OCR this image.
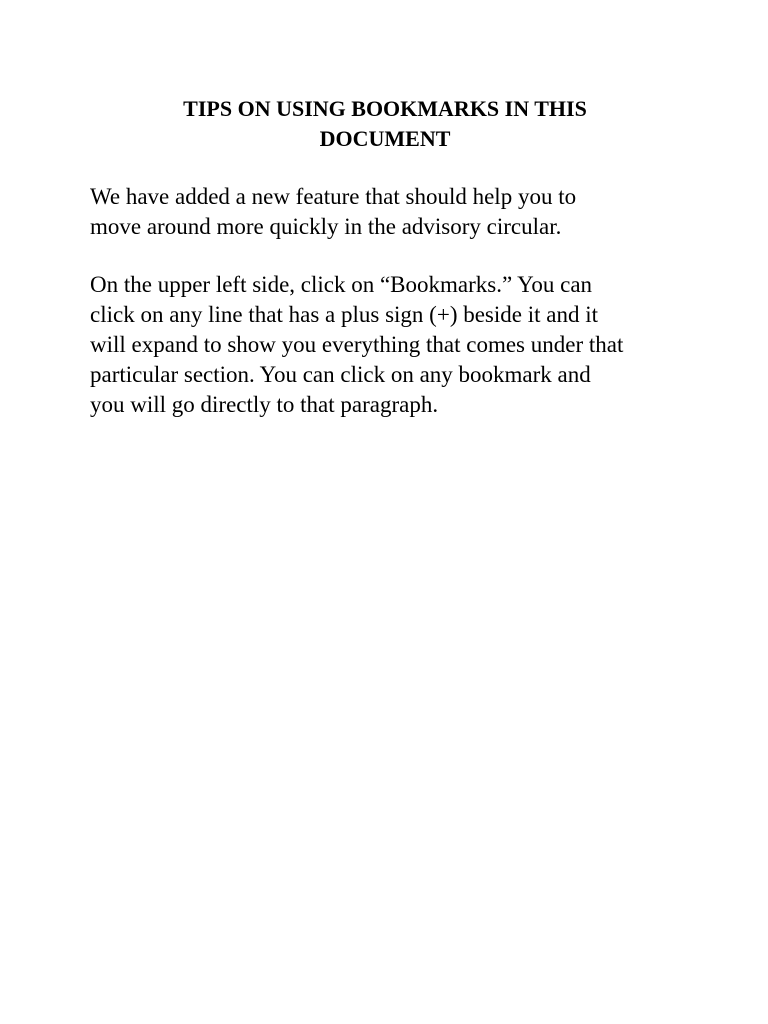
TIPS ON USING BOOKMARKS IN THIS
DOCUMENT

We have added a new feature that should help you to
move around more quickly in the advisory circular.

On the upper left side, click on “Bookmarks.” You can
click on any line that has a plus sign (+) beside it and it
will expand to show you everything that comes under that
particular section. You can click on any bookmark and
you will go directly to that paragraph.
